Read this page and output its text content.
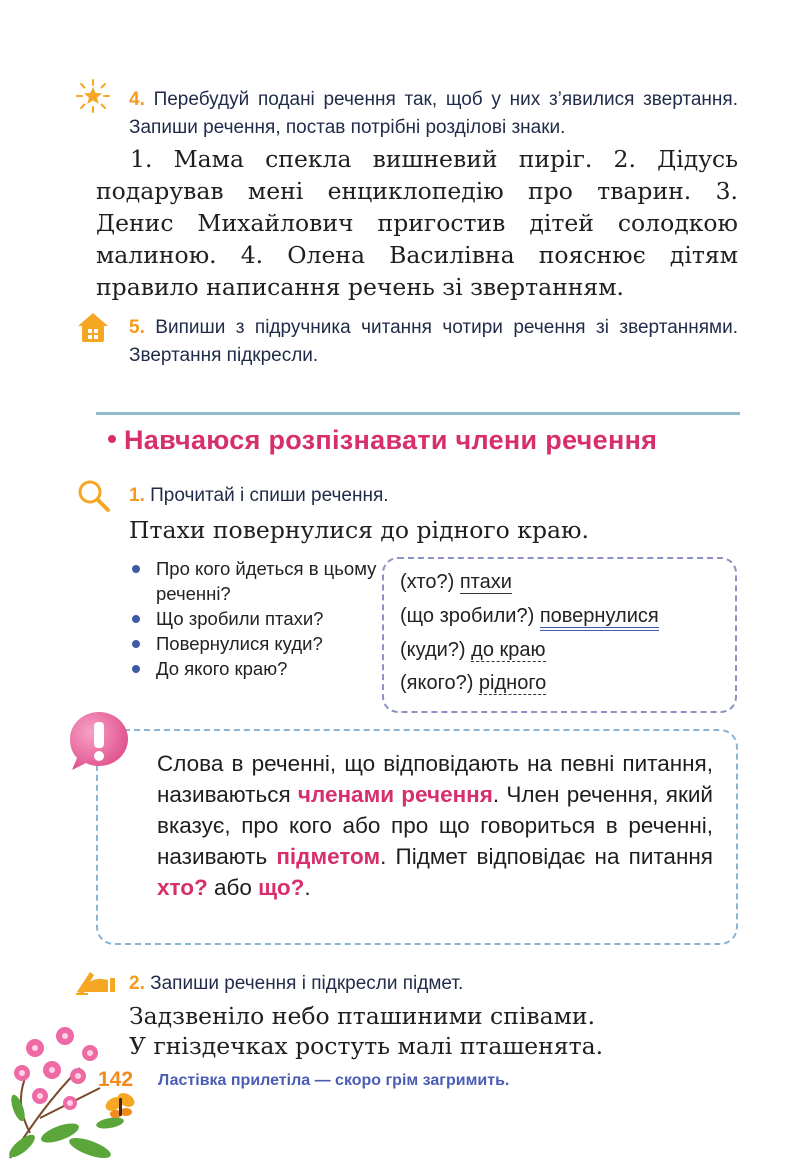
4. Перебудуй подані речення так, щоб у них з’явилися звертання. Запиши речення, постав потрібні розділові знаки.
1. Мама спекла вишневий пиріг. 2. Дідусь подарував мені енциклопедію про тварин. 3. Денис Михайлович пригостив дітей солодкою малиною. 4. Олена Василівна пояснює дітям правило написання речень зі звертанням.
5. Випиши з підручника читання чотири речення зі звертаннями. Звертання підкресли.
Навчаюся розпізнавати члени речення
1. Прочитай і спиши речення.
Птахи повернулися до рідного краю.
Про кого йдеться в цьому реченні?
Що зробили птахи?
Повернулися куди?
До якого краю?
(хто?) птахи
(що зробили?) повернулися
(куди?) до краю
(якого?) рідного
Слова в реченні, що відповідають на певні питання, називаються членами речення. Член речення, який вказує, про кого або про що говориться в реченні, називають підметом. Підмет відповідає на питання хто? або що?.
2. Запиши речення і підкресли підмет.
Задзвеніло небо пташиними співами.
У гніздечках ростуть малі пташенята.
142 Ластівка прилетіла — скоро грім загримить.
